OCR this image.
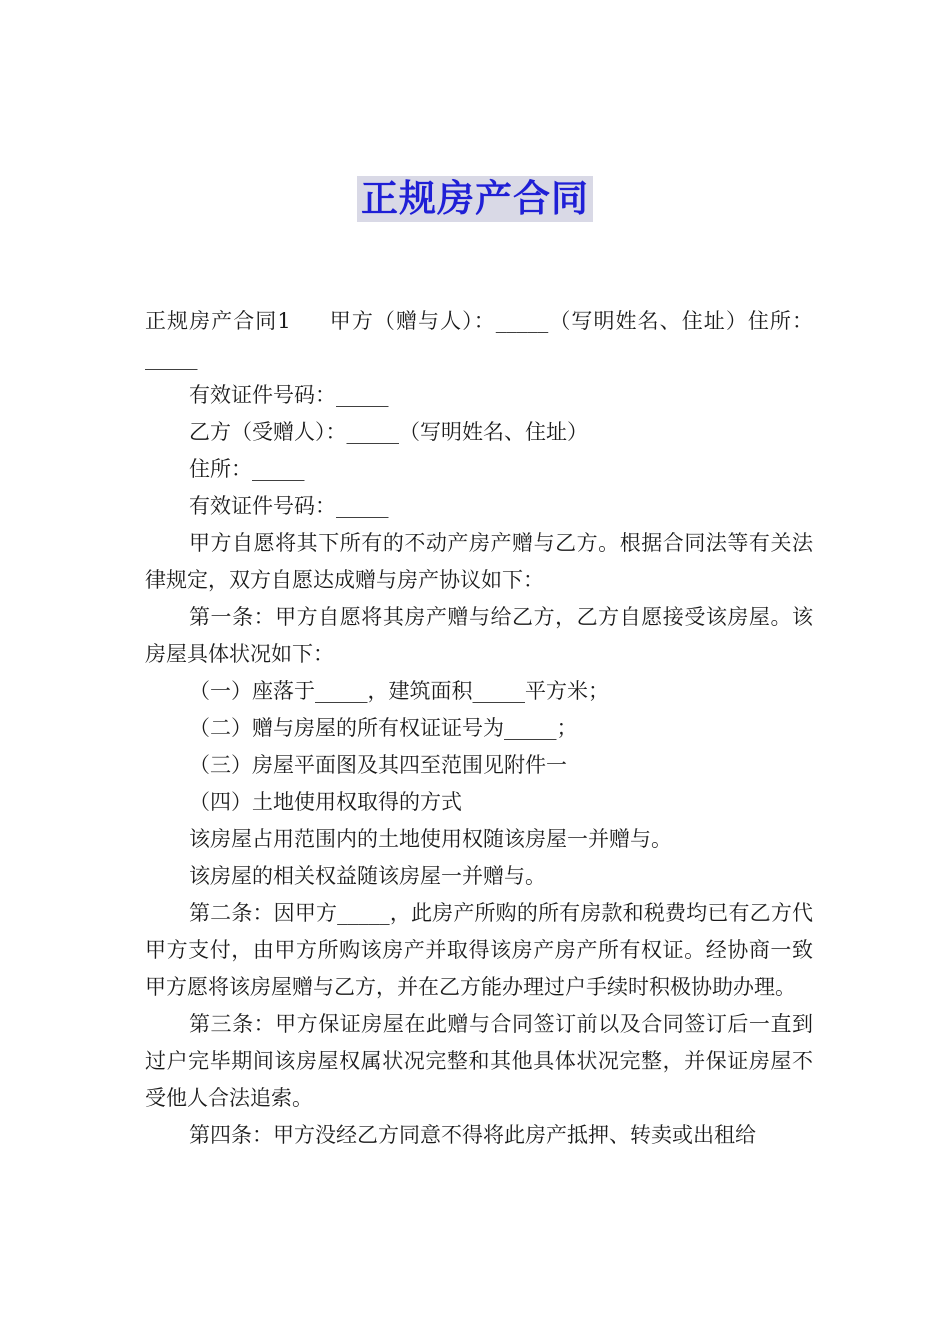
正规房产合同

正规房产合同1 甲方（赠与人）：_____（写明姓名、住址）住所：_____

有效证件号码：_____

乙方（受赠人）：_____（写明姓名、住址）

住所：_____

有效证件号码：_____

甲方自愿将其下所有的不动产房产赠与乙方。根据合同法等有关法律规定，双方自愿达成赠与房产协议如下：

第一条：甲方自愿将其房产赠与给乙方，乙方自愿接受该房屋。该房屋具体状况如下：

（一）座落于_____，建筑面积_____平方米；

（二）赠与房屋的所有权证证号为_____；

（三）房屋平面图及其四至范围见附件一

（四）土地使用权取得的方式

该房屋占用范围内的土地使用权随该房屋一并赠与。

该房屋的相关权益随该房屋一并赠与。

第二条：因甲方_____，此房产所购的所有房款和税费均已有乙方代甲方支付，由甲方所购该房产并取得该房产房产所有权证。经协商一致甲方愿将该房屋赠与乙方，并在乙方能办理过户手续时积极协助办理。

第三条：甲方保证房屋在此赠与合同签订前以及合同签订后一直到过户完毕期间该房屋权属状况完整和其他具体状况完整，并保证房屋不受他人合法追索。

第四条：甲方没经乙方同意不得将此房产抵押、转卖或出租给
